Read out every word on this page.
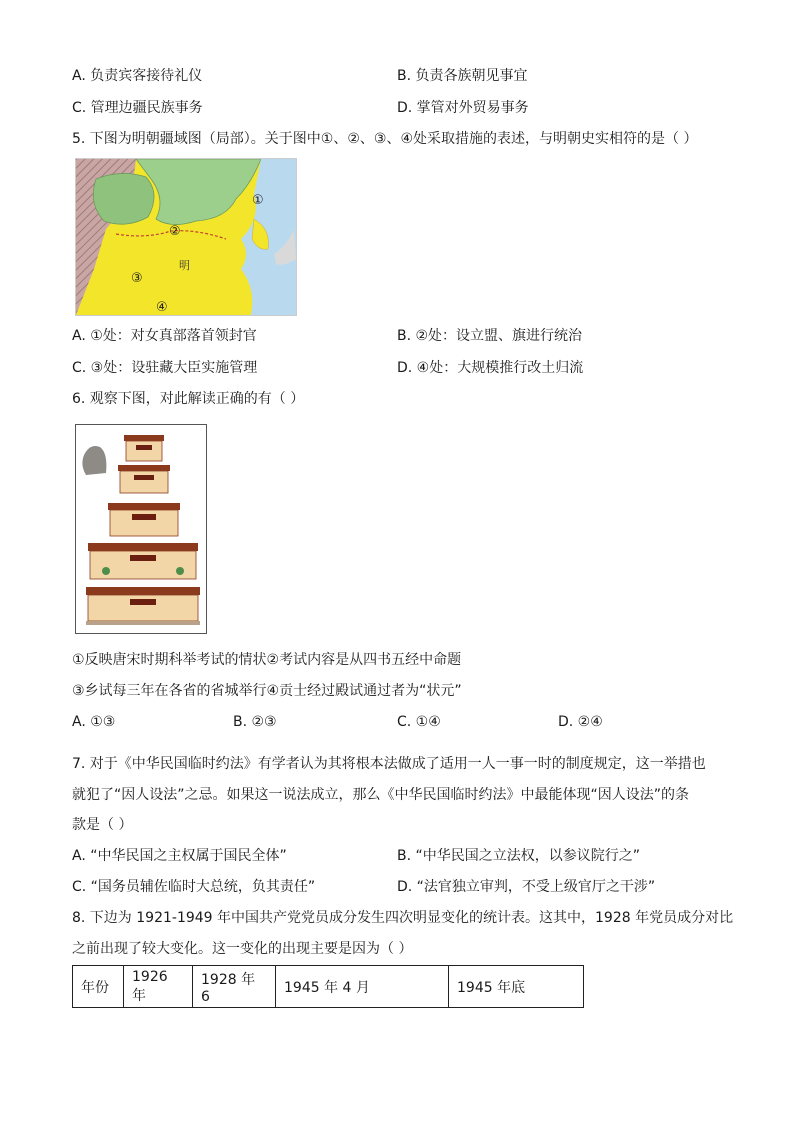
A. 负责宾客接待礼仪	B. 负责各族朝见事宜
C. 管理边疆民族事务	D. 掌管对外贸易事务
5. 下图为明朝疆域图（局部）。关于图中①、②、③、④处采取措施的表述，与明朝史实相符的是（ ）
①
②
③
④
明
A. ①处：对女真部落首领封官	B. ②处：设立盟、旗进行统治
C. ③处：设驻藏大臣实施管理	D. ④处：大规模推行改土归流
6. 观察下图，对此解读正确的有（ ）
①反映唐宋时期科举考试的情状②考试内容是从四书五经中命题
③乡试每三年在各省的省城举行④贡士经过殿试通过者为“状元”
A. ①③	B. ②③	C. ①④	D. ②④
7. 对于《中华民国临时约法》有学者认为其将根本法做成了适用一人一事一时的制度规定，这一举措也
就犯了“因人设法”之忌。如果这一说法成立，那么《中华民国临时约法》中最能体现“因人设法”的条
款是（ ）
A. “中华民国之主权属于国民全体”	B. “中华民国之立法权，以参议院行之”
C. “国务员辅佐临时大总统，负其责任”	D. “法官独立审判，不受上级官厅之干涉”
8. 下边为 1921-1949 年中国共产党党员成分发生四次明显变化的统计表。这其中，1928 年党员成分对比
之前出现了较大变化。这一变化的出现主要是因为（ ）
年份	1926 年	1928 年 6	1945 年 4 月	1945 年底
